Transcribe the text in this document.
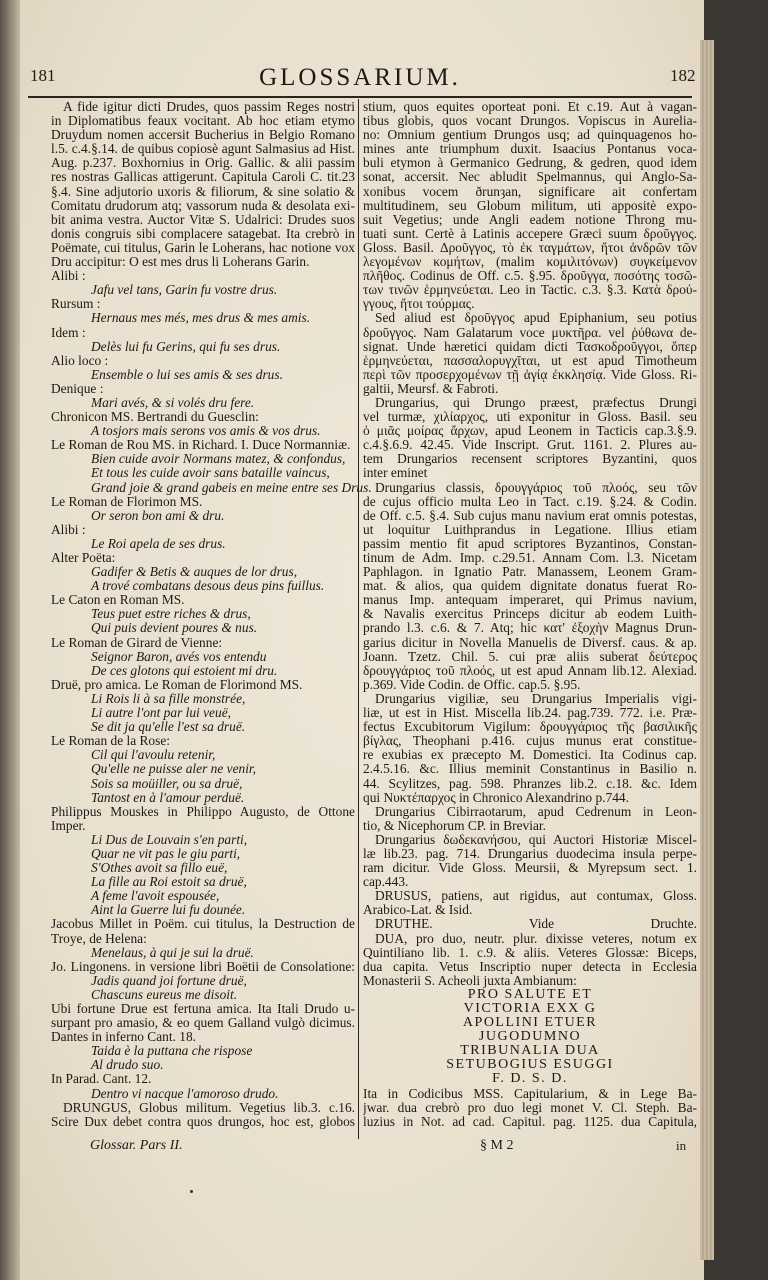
181	GLOSSARIUM.	182
A fide igitur dicti Drudes, quos passim Reges nostri
in Diplomatibus feaux vocitant. Ab hoc etiam etymo
Druydum nomen accersit Bucherius in Belgio Romano
l.5. c.4.§.14. de quibus copiosè agunt Salmasius ad Hist.
Aug. p.237. Boxhornius in Orig. Gallic. & alii passim
res nostras Gallicas attigerunt. Capitula Caroli C. tit.23
§.4. Sine adjutorio uxoris & filiorum, & sine solatio &
Comitatu drudorum atq; vassorum nuda & desolata exi-
bit anima vestra. Auctor Vitæ S. Udalrici: Drudes suos
donis congruis sibi complacere satagebat. Ita crebrò in
Poëmate, cui titulus, Garin le Loherans, hac notione vox
Dru accipitur: O est mes drus li Loherans Garin.
Alibi :
Jafu vel tans, Garin fu vostre drus.
Rursum :
Hernaus mes més, mes drus & mes amis.
Idem :
Delès lui fu Gerins, qui fu ses drus.
Alio loco :
Ensemble o lui ses amis & ses drus.
Denique :
Mari avés, & si volés dru fere.
Chronicon MS. Bertrandi du Guesclin:
A tosjors mais serons vos amis & vos drus.
Le Roman de Rou MS. in Richard. I. Duce Normanniæ.
Bien cuide avoir Normans matez, & confondus,
Et tous les cuide avoir sans bataille vaincus,
Grand joie & grand gabeis en meine entre ses Drus.
Le Roman de Florimon MS.
Or seron bon ami & dru.
Alibi :
Le Roi apela de ses drus.
Alter Poëta:
Gadifer & Betis & auques de lor drus,
A trové combatans desous deus pins fuillus.
Le Caton en Roman MS.
Teus puet estre riches & drus,
Qui puis devient poures & nus.
Le Roman de Girard de Vienne:
Seignor Baron, avés vos entendu
De ces glotons qui estoient mi dru.
Druë, pro amica. Le Roman de Florimond MS.
Li Rois li à sa fille monstrée,
Li autre l'ont par lui veuë,
Se dit ja qu'elle l'est sa druë.
Le Roman de la Rose:
Cil qui l'avoulu retenir,
Qu'elle ne puisse aler ne venir,
Sois sa moüiller, ou sa druë,
Tantost en à l'amour perduë.
Philippus Mouskes in Philippo Augusto, de Ottone
Imper.
Li Dus de Louvain s'en parti,
Quar ne vit pas le giu parti,
S'Othes avoit sa fillo euë,
La fille au Roi estoit sa druë,
A feme l'avoit espousée,
Aint la Guerre lui fu dounée.
Jacobus Millet in Poëm. cui titulus, la Destruction de
Troye, de Helena:
Menelaus, à qui je sui la druë.
Jo. Lingonens. in versione libri Boëtii de Consolatione:
Jadis quand joi fortune druë,
Chascuns eureus me disoit.
Ubi fortune Drue est fertuna amica. Ita Itali Drudo u-
surpant pro amasio, & eo quem Galland vulgò dicimus.
Dantes in inferno Cant. 18.
Taida è la puttana che rispose
Al drudo suo.
In Parad. Cant. 12.
Dentro vi nacque l'amoroso drudo.
DRUNGUS, Globus militum. Vegetius lib.3. c.16.
Scire Dux debet contra quos drungos, hoc est, globos
stium, quos equites oporteat poni. Et c.19. Aut à vagan-
tibus globis, quos vocant Drungos. Vopiscus in Aurelia-
no: Omnium gentium Drungos usq; ad quinquagenos ho-
mines ante triumphum duxit. Isaacius Pontanus voca-
buli etymon à Germanico Gedrung, & gedren, quod idem
sonat, accersit. Nec abludit Spelmannus, qui Anglo-Sa-
xonibus vocem ðrunȝan, significare ait confertam
multitudinem, seu Globum militum, uti appositè expo-
suit Vegetius; unde Angli eadem notione Throng mu-
tuati sunt. Certè à Latinis accepere Græci suum δροῦγγος.
Gloss. Basil. Δροῦγγος, τὸ ἐκ ταγμάτων, ἤτοι ἀνδρῶν τῶν
λεγομένων κομήτων, (malim κομιλιτόνων) συγκείμενον
πλῆθος. Codinus de Off. c.5. §.95. δροῦγγα, ποσότης τοσῶ-
των τινῶν ἑρμηνεύεται. Leo in Tactic. c.3. §.3. Κατὰ δρού-
γγους, ἤτοι τούρμας.
Sed aliud est δροῦγγος apud Epiphanium, seu potius
δροῦγγος. Nam Galatarum voce μυκτῆρα. vel ῥύθωνα de-
signat. Unde hæretici quidam dicti Τασκοδροῦγγοι, ὅπερ
ἑρμηνεύεται, πασσαλορυγχῖται, ut est apud Timotheum
περὶ τῶν προσερχομένων τῇ ἁγίᾳ ἐκκλησίᾳ. Vide Gloss. Ri-
galtii, Meursf. & Fabroti.
Drungarius, qui Drungo præest, præfectus Drungi
vel turmæ, χιλίαρχος, uti exponitur in Gloss. Basil. seu
ὁ μιᾶς μοίρας ἄρχων, apud Leonem in Tacticis cap.3.§.9.
c.4.§.6.9. 42.45. Vide Inscript. Grut. 1161. 2. Plures au-
tem Drungarios recensent scriptores Byzantini, quos
inter eminet
Drungarius classis, δρουγγάριος τοῦ πλοός, seu τῶν
de cujus officio multa Leo in Tact. c.19. §.24. & Codin.
de Off. c.5. §.4. Sub cujus manu navium erat omnis potestas,
ut loquitur Luithprandus in Legatione. Illius etiam
passim mentio fit apud scriptores Byzantinos, Constan-
tinum de Adm. Imp. c.29.51. Annam Com. l.3. Nicetam
Paphlagon. in Ignatio Patr. Manassem, Leonem Gram-
mat. & alios, qua quidem dignitate donatus fuerat Ro-
manus Imp. antequam imperaret, qui Primus navium,
& Navalis exercitus Princeps dicitur ab eodem Luith-
prando l.3. c.6. & 7. Atq; hic κατ' ἐξοχὴν Magnus Drun-
garius dicitur in Novella Manuelis de Diversf. caus. & ap.
Joann. Tzetz. Chil. 5. cui præ aliis suberat δεύτερος
δρουγγάριος τοῦ πλοός, ut est apud Annam lib.12. Alexiad.
p.369. Vide Codin. de Offic. cap.5. §.95.
Drungarius vigiliæ, seu Drungarius Imperialis vigi-
liæ, ut est in Hist. Miscella lib.24. pag.739. 772. i.e. Præ-
fectus Excubitorum Vigilum: δρουγγάριος τῆς βασιλικῆς
βίγλας, Theophani p.416. cujus munus erat constitue-
re exubias ex præcepto M. Domestici. Ita Codinus cap.
2.4.5.16. &c. Illius meminit Constantinus in Basilio n.
44. Scylitzes, pag. 598. Phranzes lib.2. c.18. &c. Idem
qui Νυκτέπαρχος in Chronico Alexandrino p.744.
Drungarius Cibirraotarum, apud Cedrenum in Leon-
tio, & Nicephorum CP. in Breviar.
Drungarius δωδεκανήσου, qui Auctori Historiæ Miscel-
læ lib.23. pag. 714. Drungarius duodecima insula perpe-
ram dicitur. Vide Gloss. Meursii, & Myrepsum sect. 1.
cap.443.
DRUSUS, patiens, aut rigidus, aut contumax, Gloss.
Arabico-Lat. & Isid.
DRUTHE. Vide Druchte.
DUA, pro duo, neutr. plur. dixisse veteres, notum ex
Quintiliano lib. 1. c.9. & aliis. Veteres Glossæ: Biceps,
dua capita. Vetus Inscriptio nuper detecta in Ecclesia
Monasterii S. Acheoli juxta Ambianum:
PRO SALUTE ET
VICTORIA EXX G
APOLLINI ETUER
JUGODUMNO
TRIBUNALIA DUA
SETUBOGIUS ESUGGI
F. D. S. D.
Ita in Codicibus MSS. Capitularium, & in Lege Ba-
jwar. dua crebrò pro duo legi monet V. Cl. Steph. Ba-
luzius in Not. ad cad. Capitul. pag. 1125. dua Capitula,
Glossar. Pars II.	§ M 2	in
